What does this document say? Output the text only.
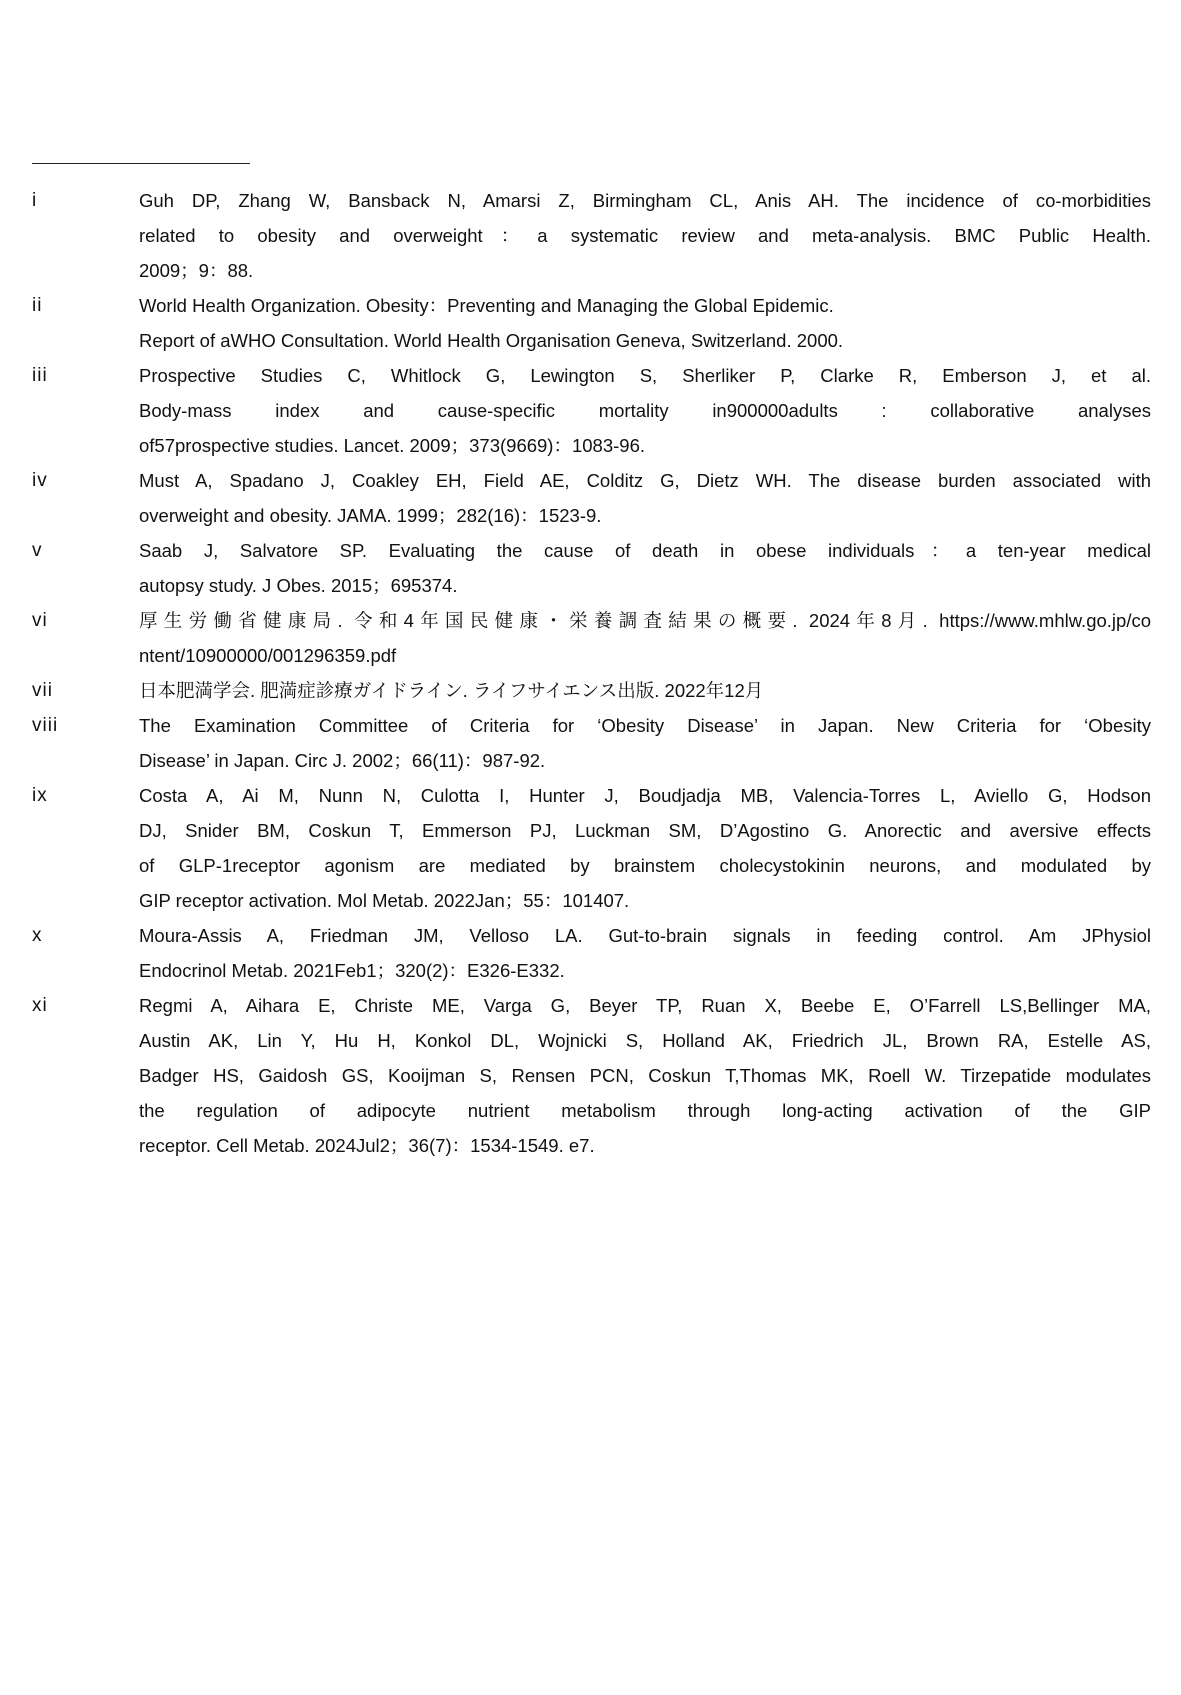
i	Guh DP, Zhang W, Bansback N, Amarsi Z, Birmingham CL, Anis AH. The incidence of co-morbidities
related to obesity and overweight：a systematic review and meta-analysis. BMC Public Health.
2009；9：88.
ii	World Health Organization. Obesity：Preventing and Managing the Global Epidemic.
Report of aWHO Consultation. World Health Organisation Geneva, Switzerland. 2000.
iii	Prospective Studies C, Whitlock G, Lewington S, Sherliker P, Clarke R, Emberson J, et al.
Body-mass index and cause-specific mortality in900000adults : collaborative analyses
of57prospective studies. Lancet. 2009；373(9669)：1083-96.
iv	Must A, Spadano J, Coakley EH, Field AE, Colditz G, Dietz WH. The disease burden associated with
overweight and obesity. JAMA. 1999；282(16)：1523-9.
v	Saab J, Salvatore SP. Evaluating the cause of death in obese individuals：a ten-year medical
autopsy study. J Obes. 2015；695374.
vi	厚生労働省健康局. 令和4年国民健康・栄養調査結果の概要. 2024年8月. https://www.mhlw.go.jp/co
ntent/10900000/001296359.pdf
vii	日本肥満学会. 肥満症診療ガイドライン. ライフサイエンス出版. 2022年12月
viii	The Examination Committee of Criteria for ‘Obesity Disease’ in Japan. New Criteria for ‘Obesity
Disease’ in Japan. Circ J. 2002；66(11)：987-92.
ix	Costa A, Ai M, Nunn N, Culotta I, Hunter J, Boudjadja MB, Valencia-Torres L, Aviello G, Hodson
DJ, Snider BM, Coskun T, Emmerson PJ, Luckman SM, D’Agostino G. Anorectic and aversive effects
of GLP-1receptor agonism are mediated by brainstem cholecystokinin neurons, and modulated by
GIP receptor activation. Mol Metab. 2022Jan；55：101407.
x	Moura-Assis A, Friedman JM, Velloso LA. Gut-to-brain signals in feeding control. Am JPhysiol
Endocrinol Metab. 2021Feb1；320(2)：E326-E332.
xi	Regmi A, Aihara E, Christe ME, Varga G, Beyer TP, Ruan X, Beebe E, O’Farrell LS,Bellinger MA,
Austin AK, Lin Y, Hu H, Konkol DL, Wojnicki S, Holland AK, Friedrich JL, Brown RA, Estelle AS,
Badger HS, Gaidosh GS, Kooijman S, Rensen PCN, Coskun T,Thomas MK, Roell W. Tirzepatide modulates
the regulation of adipocyte nutrient metabolism through long-acting activation of the GIP
receptor. Cell Metab. 2024Jul2；36(7)：1534-1549. e7.
